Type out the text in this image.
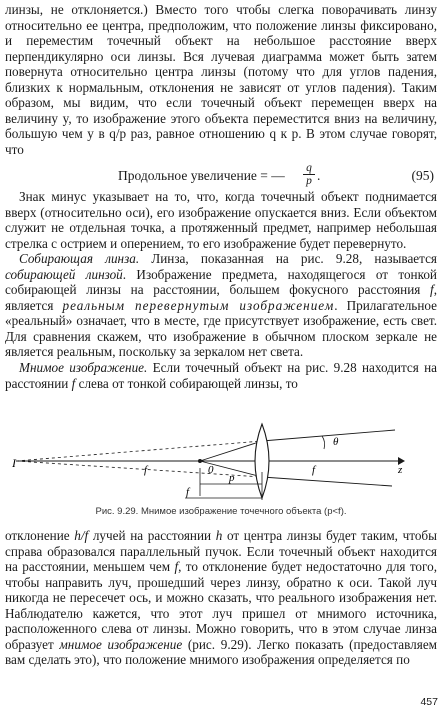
линзы, не отклоняется.) Вместо того чтобы слегка поворачивать линзу относительно ее центра, предположим, что положение линзы фиксировано, и переместим точечный объект на небольшое расстояние вверх перпендикулярно оси линзы. Вся лучевая диаграмма может быть затем повернута относительно центра линзы (потому что для углов падения, близких к нормальным, отклонения не зависят от углов падения). Таким образом, мы видим, что если точечный объект перемещен вверх на величину y, то изображение этого объекта переместится вниз на величину, большую чем y в q/p раз, равное отношению q к p. В этом случае говорят, что

Продольное увеличение = — $\frac{q}{p}$ .	(95)

Знак минус указывает на то, что, когда точечный объект поднимается вверх (относительно оси), его изображение опускается вниз. Если объектом служит не отдельная точка, а протяженный предмет, например небольшая стрелка с острием и оперением, то его изображение будет перевернуто.

Собирающая линза. Линза, показанная на рис. 9.28, называется собирающей линзой. Изображение предмета, находящегося от тонкой собирающей линзы на расстоянии, большем фокусного расстояния f, является реальным перевернутым изображением. Прилагательное «реальный» означает, что в месте, где присутствует изображение, есть свет. Для сравнения скажем, что изображение в обычном плоском зеркале не является реальным, поскольку за зеркалом нет света.

Мнимое изображение. Если точечный объект на рис. 9.28 находится на расстоянии f слева от тонкой собирающей линзы, то

I	f	0	f	z
θ
p
f
Рис. 9.29. Мнимое изображение точечного объекта (p<f).

отклонение h/f лучей на расстоянии h от центра линзы будет таким, чтобы справа образовался параллельный пучок. Если точечный объект находится на расстоянии, меньшем чем f, то отклонение будет недостаточно для того, чтобы направить луч, прошедший через линзу, обратно к оси. Такой луч никогда не пересечет ось, и можно сказать, что реального изображения нет. Наблюдателю кажется, что этот луч пришел от мнимого источника, расположенного слева от линзы. Можно говорить, что в этом случае линза образует мнимое изображение (рис. 9.29). Легко показать (предоставляем вам сделать это), что положение мнимого изображения определяется по

457
